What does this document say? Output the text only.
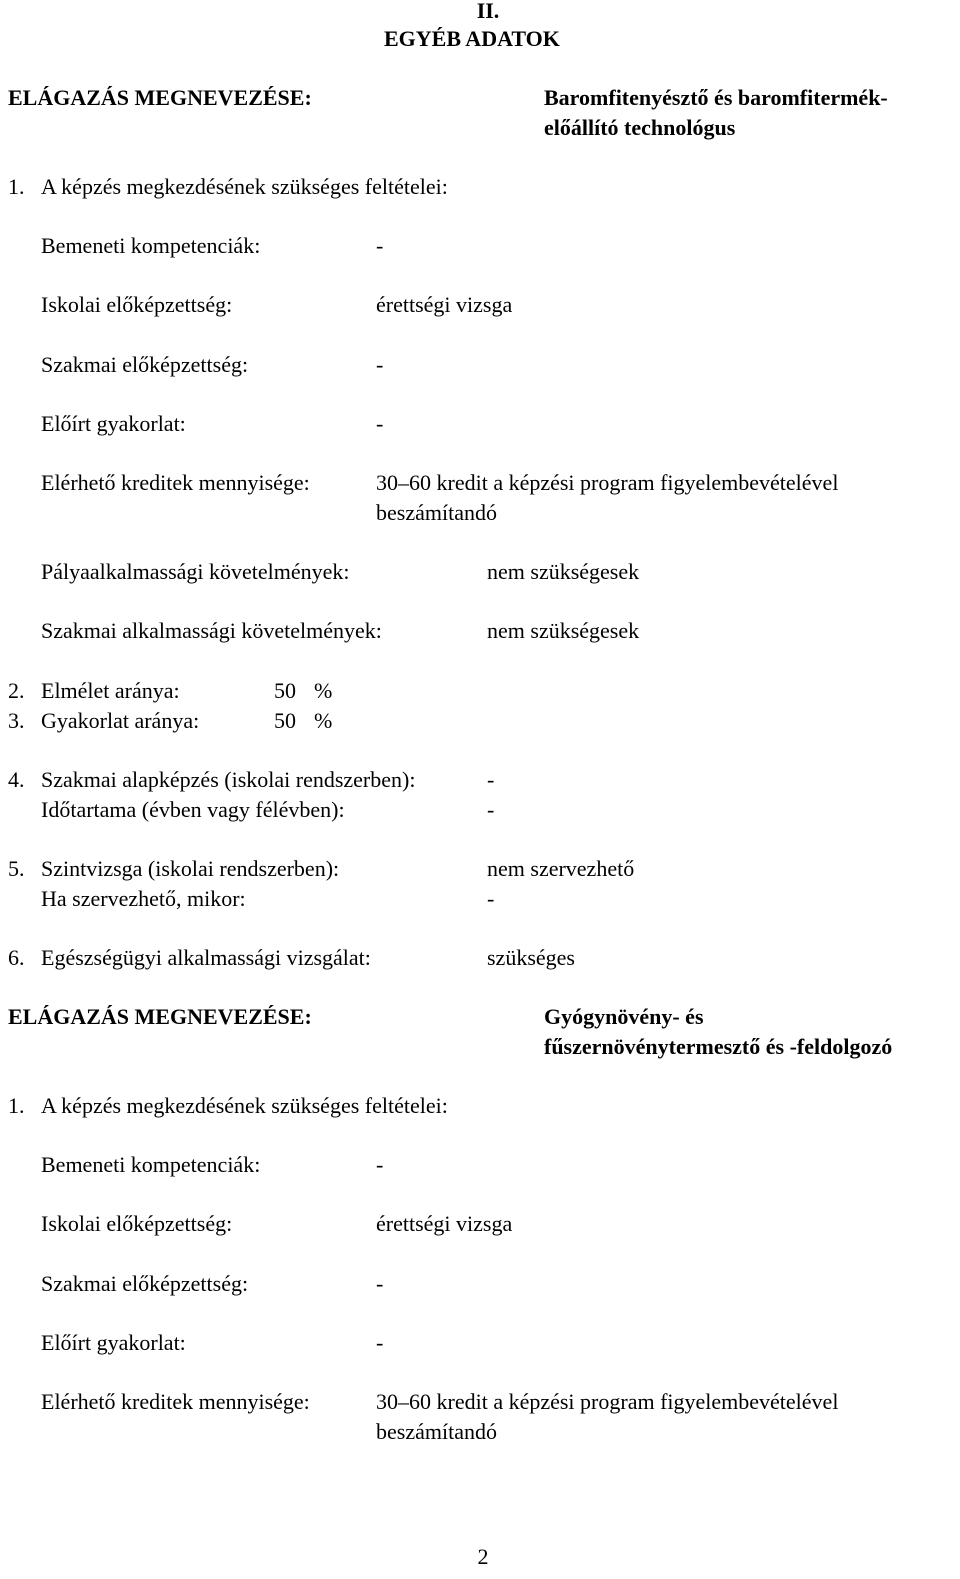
II.
EGYÉB ADATOK
ELÁGAZÁS MEGNEVEZÉSE:	Baromfitenyésztő és baromfitermék-
előállító technológus
1. A képzés megkezdésének szükséges feltételei:
Bemeneti kompetenciák:	-
Iskolai előképzettség:	érettségi vizsga
Szakmai előképzettség:	-
Előírt gyakorlat:	-
Elérhető kreditek mennyisége:	30–60 kredit a képzési program figyelembevételével
beszámítandó
Pályaalkalmassági követelmények:	nem szükségesek
Szakmai alkalmassági követelmények:	nem szükségesek
2. Elmélet aránya:	50 %
3. Gyakorlat aránya:	50 %
4. Szakmai alapképzés (iskolai rendszerben):	-
Időtartama (évben vagy félévben):	-
5. Szintvizsga (iskolai rendszerben):	nem szervezhető
Ha szervezhető, mikor:	-
6. Egészségügyi alkalmassági vizsgálat:	szükséges
ELÁGAZÁS MEGNEVEZÉSE:	Gyógynövény- és
fűszernövénytermesztő és -feldolgozó
1. A képzés megkezdésének szükséges feltételei:
Bemeneti kompetenciák:	-
Iskolai előképzettség:	érettségi vizsga
Szakmai előképzettség:	-
Előírt gyakorlat:	-
Elérhető kreditek mennyisége:	30–60 kredit a képzési program figyelembevételével
beszámítandó
2
